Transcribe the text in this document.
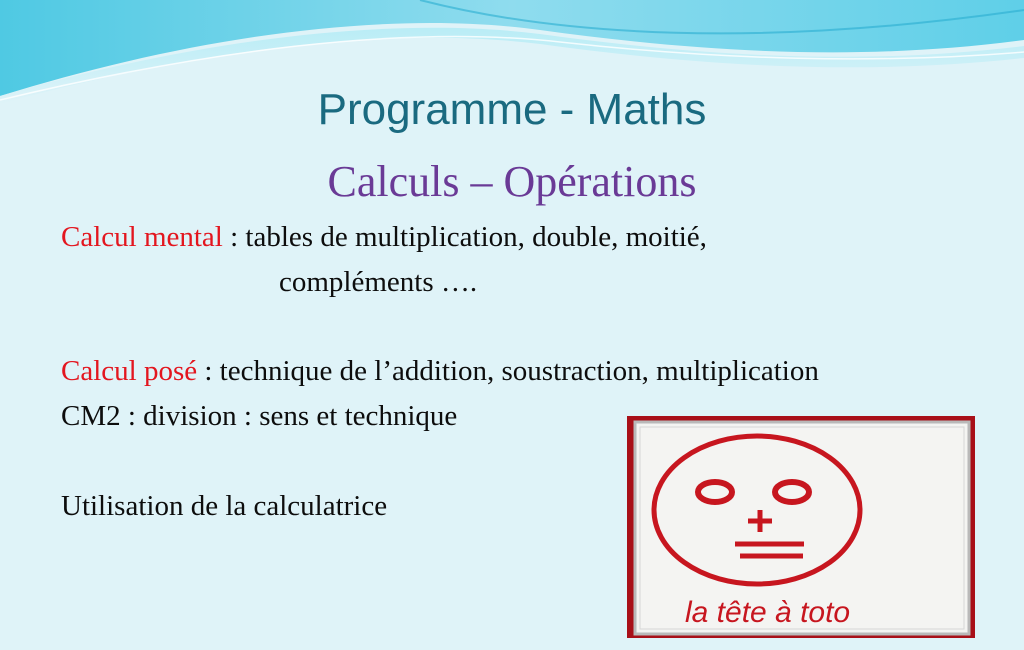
Programme - Maths
Calculs – Opérations
Calcul mental : tables de multiplication, double, moitié,
compléments ….
Calcul posé : technique de l’addition, soustraction, multiplication
CM2 : division : sens et technique
Utilisation de la calculatrice
la tête à toto
